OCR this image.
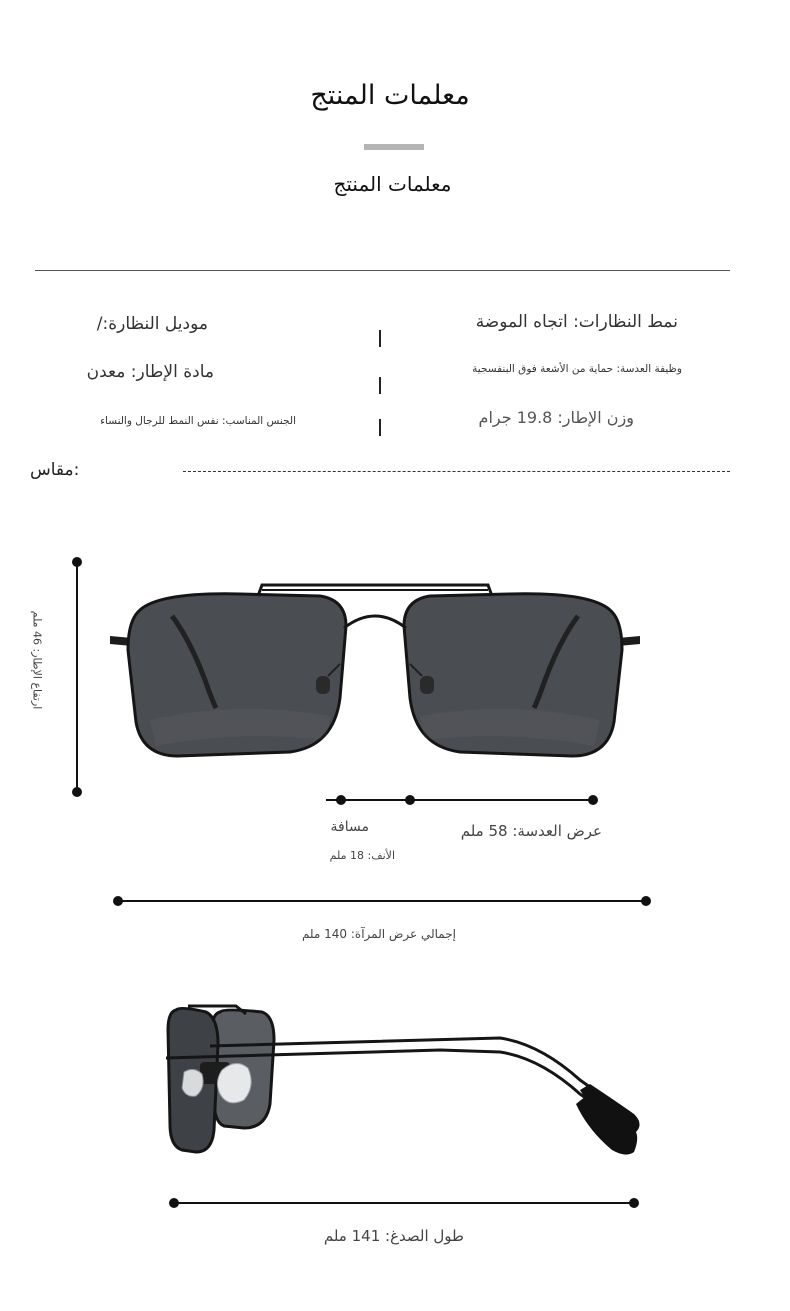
معلمات المنتج
معلمات المنتج
نمط النظارات: اتجاه الموضة
موديل النظارة:/
وظيفة العدسة: حماية من الأشعة فوق البنفسجية
مادة الإطار: معدن
وزن الإطار: 19.8 جرام
الجنس المناسب: نفس النمط للرجال والنساء
مقاس:
ارتفاع الإطار: 46 ملم
مسافة
الأنف: 18 ملم
عرض العدسة: 58 ملم
إجمالي عرض المرآة: 140 ملم
طول الصدغ: 141 ملم
